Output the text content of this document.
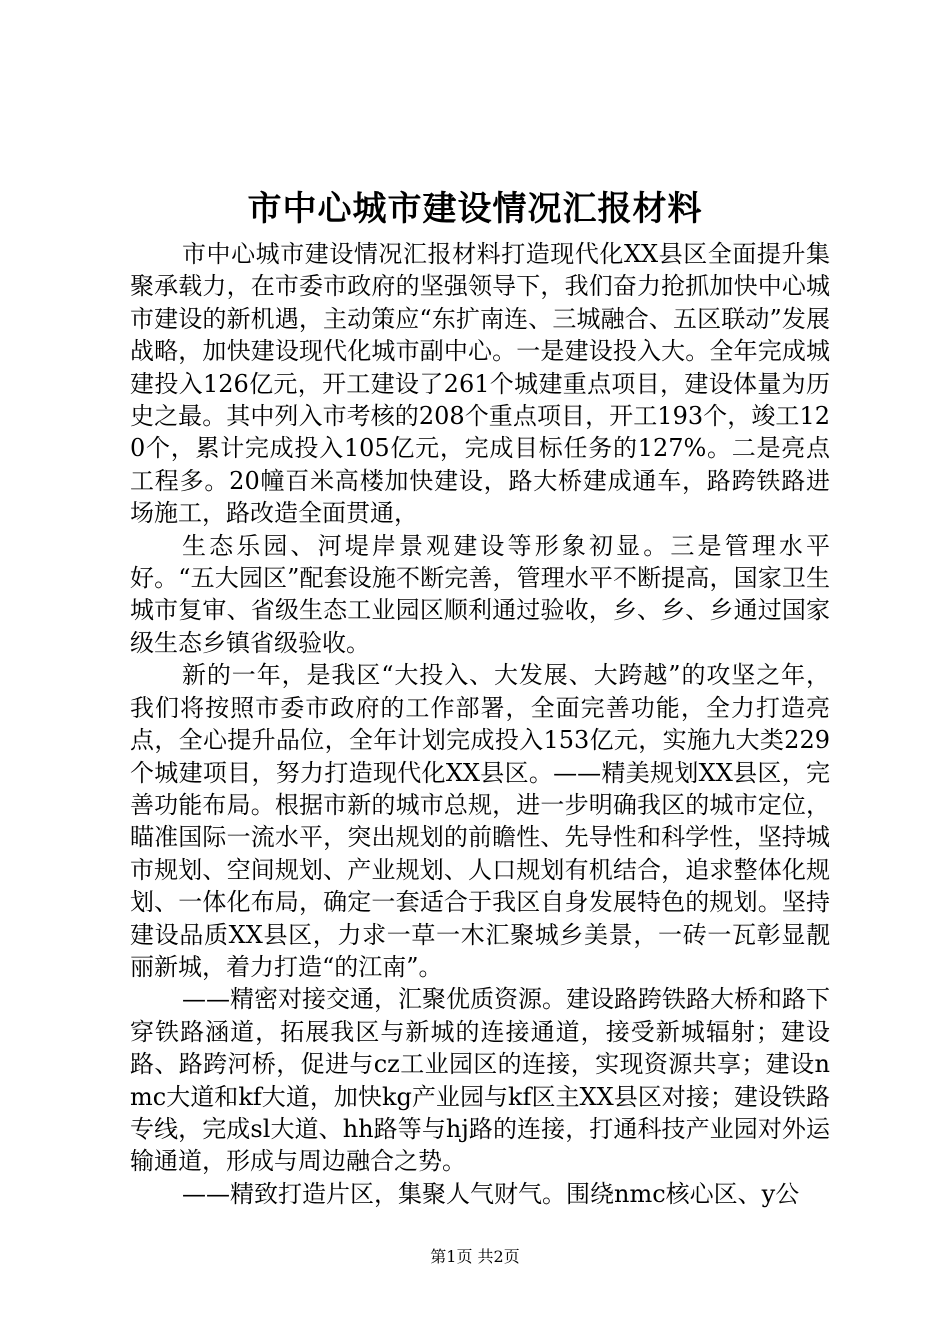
市中心城市建设情况汇报材料

市中心城市建设情况汇报材料打造现代化XX县区全面提升集聚承载力，在市委市政府的坚强领导下，我们奋力抢抓加快中心城市建设的新机遇，主动策应“东扩南连、三城融合、五区联动”发展战略，加快建设现代化城市副中心。一是建设投入大。全年完成城建投入126亿元，开工建设了261个城建重点项目，建设体量为历史之最。其中列入市考核的208个重点项目，开工193个，竣工120个，累计完成投入105亿元，完成目标任务的127%。二是亮点工程多。20幢百米高楼加快建设，路大桥建成通车，路跨铁路进场施工，路改造全面贯通，

生态乐园、河堤岸景观建设等形象初显。三是管理水平好。“五大园区”配套设施不断完善，管理水平不断提高，国家卫生城市复审、省级生态工业园区顺利通过验收，乡、乡、乡通过国家级生态乡镇省级验收。

新的一年，是我区“大投入、大发展、大跨越”的攻坚之年，我们将按照市委市政府的工作部署，全面完善功能，全力打造亮点，全心提升品位，全年计划完成投入153亿元，实施九大类229个城建项目，努力打造现代化XX县区。——精美规划XX县区，完善功能布局。根据市新的城市总规，进一步明确我区的城市定位，瞄准国际一流水平，突出规划的前瞻性、先导性和科学性，坚持城市规划、空间规划、产业规划、人口规划有机结合，追求整体化规划、一体化布局，确定一套适合于我区自身发展特色的规划。坚持建设品质XX县区，力求一草一木汇聚城乡美景，一砖一瓦彰显靓丽新城，着力打造“的江南”。

——精密对接交通，汇聚优质资源。建设路跨铁路大桥和路下穿铁路涵道，拓展我区与新城的连接通道，接受新城辐射；建设路、路跨河桥，促进与cz工业园区的连接，实现资源共享；建设nmc大道和kf大道，加快kg产业园与kf区主XX县区对接；建设铁路专线，完成sl大道、hh路等与hj路的连接，打通科技产业园对外运输通道，形成与周边融合之势。

——精致打造片区，集聚人气财气。围绕nmc核心区、y公

第1页 共2页
